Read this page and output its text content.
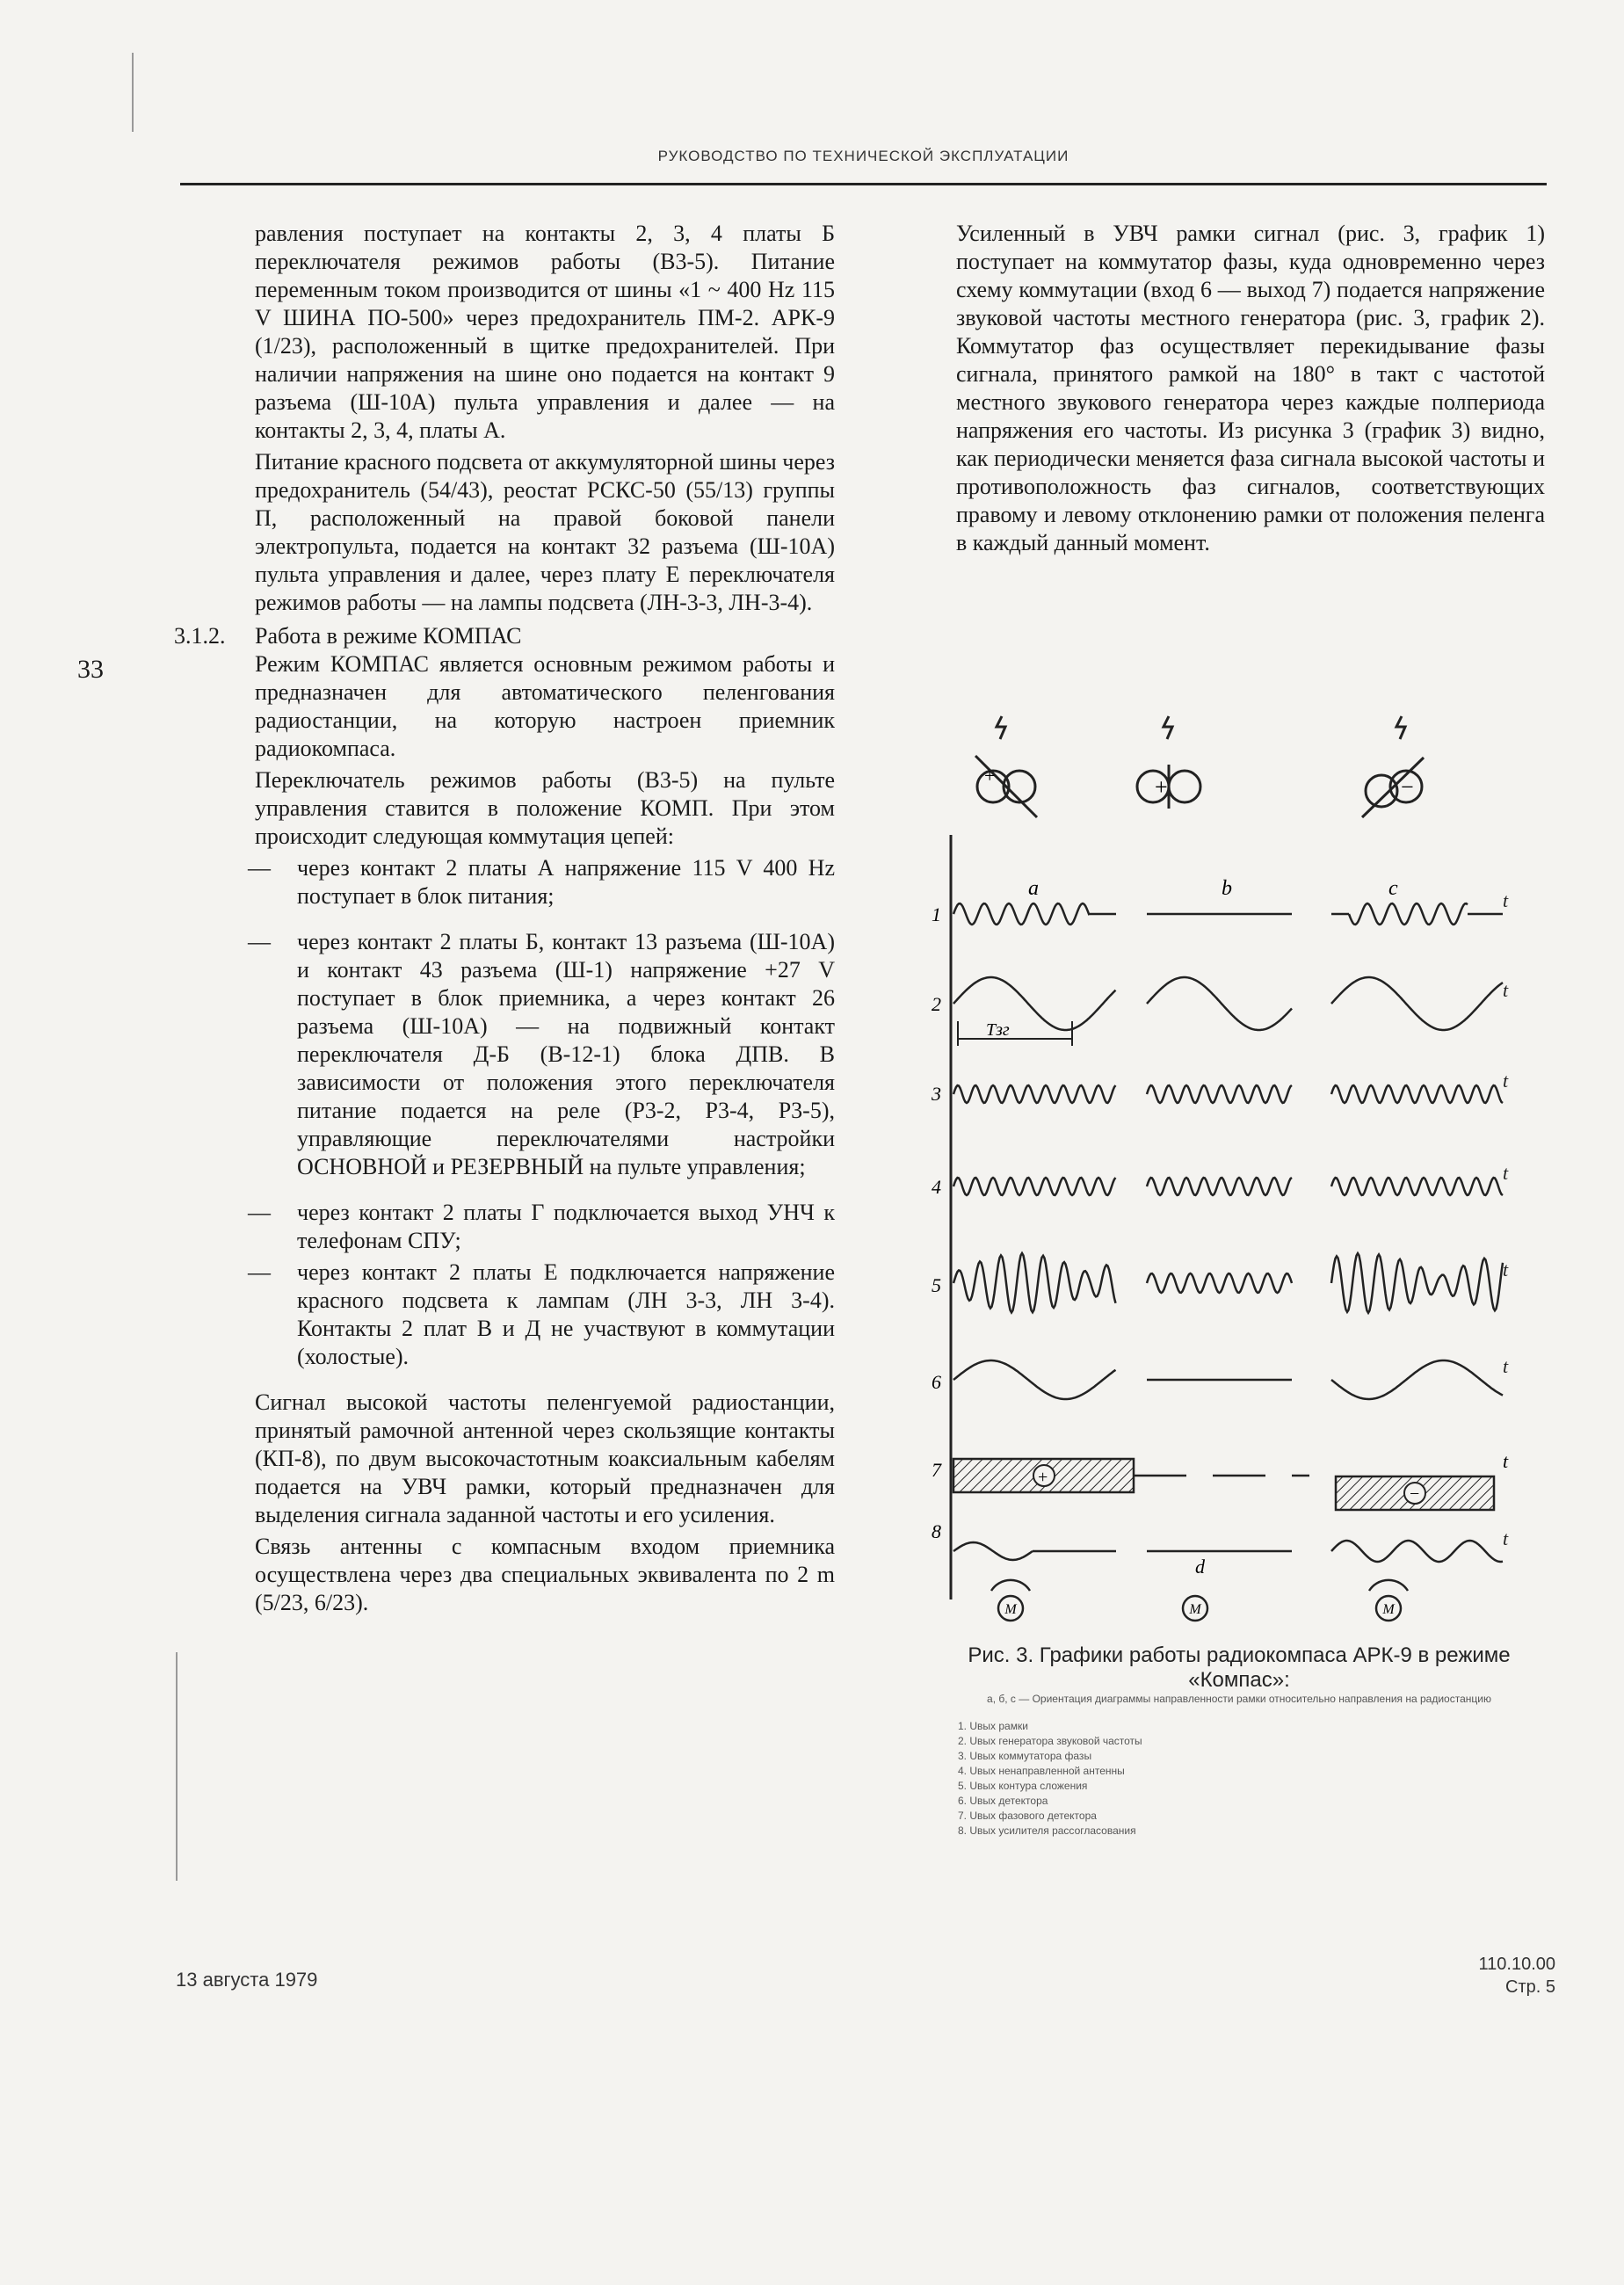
РУКОВОДСТВО ПО ТЕХНИЧЕСКОЙ ЭКСПЛУАТАЦИИ
33

равления поступает на контакты 2, 3, 4 платы Б переключателя режимов работы (В3-5). Питание переменным током производится от шины «1 ~ 400 Hz 115 V ШИНА ПО-500» через предохранитель ПМ-2. АРК-9 (1/23), расположенный в щитке предохранителей. При наличии напряжения на шине оно подается на контакт 9 разъема (Ш-10А) пульта управления и далее — на контакты 2, 3, 4, платы А.

Питание красного подсвета от аккумуляторной шины через предохранитель (54/43), реостат РСКС-50 (55/13) группы П, расположенный на правой боковой панели электропульта, подается на контакт 32 разъема (Ш-10А) пульта управления и далее, через плату Е переключателя режимов работы — на лампы подсвета (ЛН-3-3, ЛН-3-4).

3.1.2. Работа в режиме КОМПАС

Режим КОМПАС является основным режимом работы и предназначен для автоматического пеленгования радиостанции, на которую настроен приемник радиокомпаса.

Переключатель режимов работы (В3-5) на пульте управления ставится в положение КОМП. При этом происходит следующая коммутация цепей:

— через контакт 2 платы А напряжение 115 V 400 Hz поступает в блок питания;
— через контакт 2 платы Б, контакт 13 разъема (Ш-10А) и контакт 43 разъема (Ш-1) напряжение +27 V поступает в блок приемника, а через контакт 26 разъема (Ш-10А) — на подвижный контакт переключателя Д-Б (В-12-1) блока ДПВ. В зависимости от положения этого переключателя питание подается на реле (Р3-2, Р3-4, Р3-5), управляющие переключателями настройки ОСНОВНОЙ и РЕЗЕРВНЫЙ на пульте управления;
— через контакт 2 платы Г подключается выход УНЧ к телефонам СПУ;
— через контакт 2 платы Е подключается напряжение красного подсвета к лампам (ЛН 3-3, ЛН 3-4). Контакты 2 плат В и Д не участвуют в коммутации (холостые).

Сигнал высокой частоты пеленгуемой радиостанции, принятый рамочной антенной через скользящие контакты (КП-8), по двум высокочастотным коаксиальным кабелям подается на УВЧ рамки, который предназначен для выделения сигнала заданной частоты и его усиления.

Связь антенны с компасным входом приемника осуществлена через два специальных эквивалента по 2 m (5/23, 6/23).

Усиленный в УВЧ рамки сигнал (рис. 3, график 1) поступает на коммутатор фазы, куда одновременно через схему коммутации (вход 6 — выход 7) подается напряжение звуковой частоты местного генератора (рис. 3, график 2). Коммутатор фаз осуществляет перекидывание фазы сигнала, принятого рамкой на 180° в такт с частотой местного звукового генератора через каждые полпериода напряжения его частоты. Из рисунка 3 (график 3) видно, как периодически меняется фаза сигнала высокой частоты и противоположность фаз сигналов, соответствующих правому и левому отклонению рамки от положения пеленга в каждый данный момент.

+	+	−
1
2
3
4
5
6
7
8
a	b	c
t
t
t
t
t
t
t
+
−
t
d
Тзг
M	M	M
Рис. 3. Графики работы радиокомпаса АРК-9 в режиме «Компас»:
а, б, с — Ориентация диаграммы направленности рамки относительно направления на радиостанцию
1. Uвых рамки
2. Uвых генератора звуковой частоты
3. Uвых коммутатора фазы
4. Uвых ненаправленной антенны
5. Uвых контура сложения
6. Uвых детектора
7. Uвых фазового детектора
8. Uвых усилителя рассогласования
13 августа 1979
110.10.00
Стр. 5
